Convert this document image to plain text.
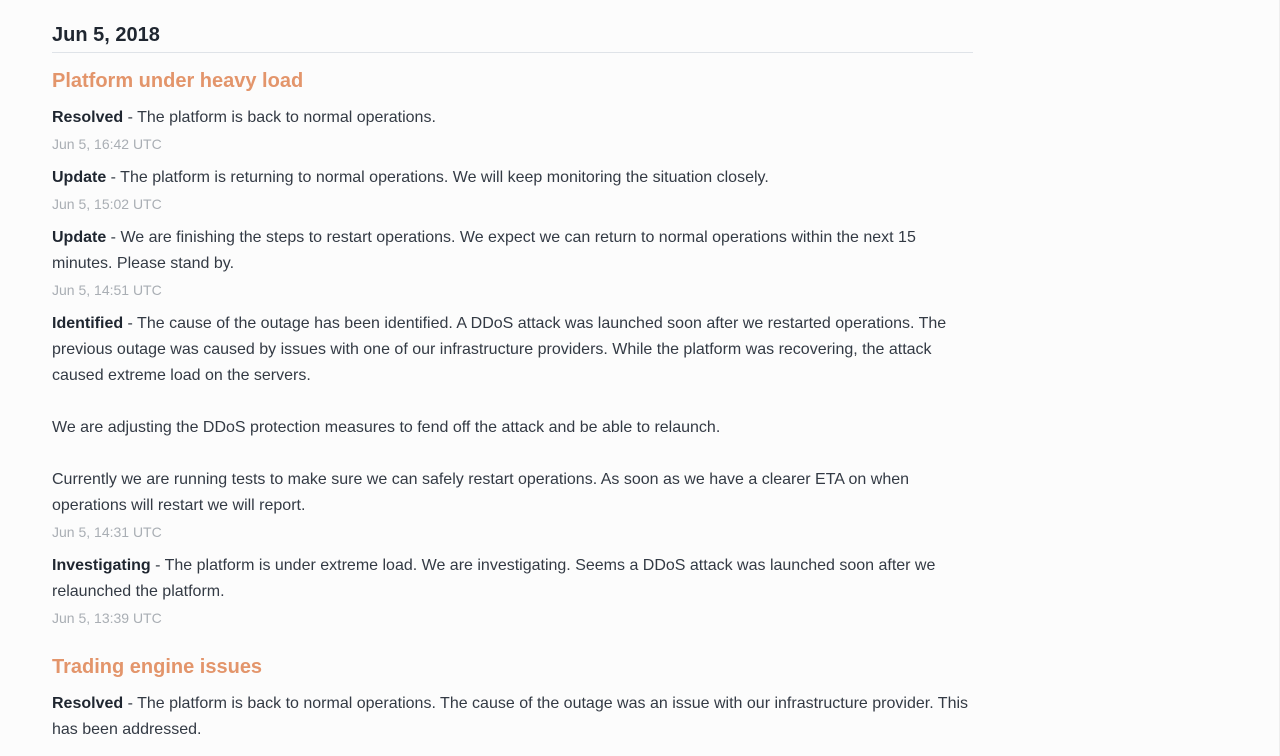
Jun 5, 2018
Platform under heavy load

Resolved - The platform is back to normal operations.

Jun 5, 16:42 UTC

Update - The platform is returning to normal operations. We will keep monitoring the situation closely.

Jun 5, 15:02 UTC

Update - We are finishing the steps to restart operations. We expect we can return to normal operations within the next 15 minutes. Please stand by.

Jun 5, 14:51 UTC

Identified - The cause of the outage has been identified. A DDoS attack was launched soon after we restarted operations. The previous outage was caused by issues with one of our infrastructure providers. While the platform was recovering, the attack caused extreme load on the servers.

We are adjusting the DDoS protection measures to fend off the attack and be able to relaunch.

Currently we are running tests to make sure we can safely restart operations. As soon as we have a clearer ETA on when operations will restart we will report.

Jun 5, 14:31 UTC

Investigating - The platform is under extreme load. We are investigating. Seems a DDoS attack was launched soon after we relaunched the platform.

Jun 5, 13:39 UTC
Trading engine issues

Resolved - The platform is back to normal operations. The cause of the outage was an issue with our infrastructure provider. This has been addressed.
